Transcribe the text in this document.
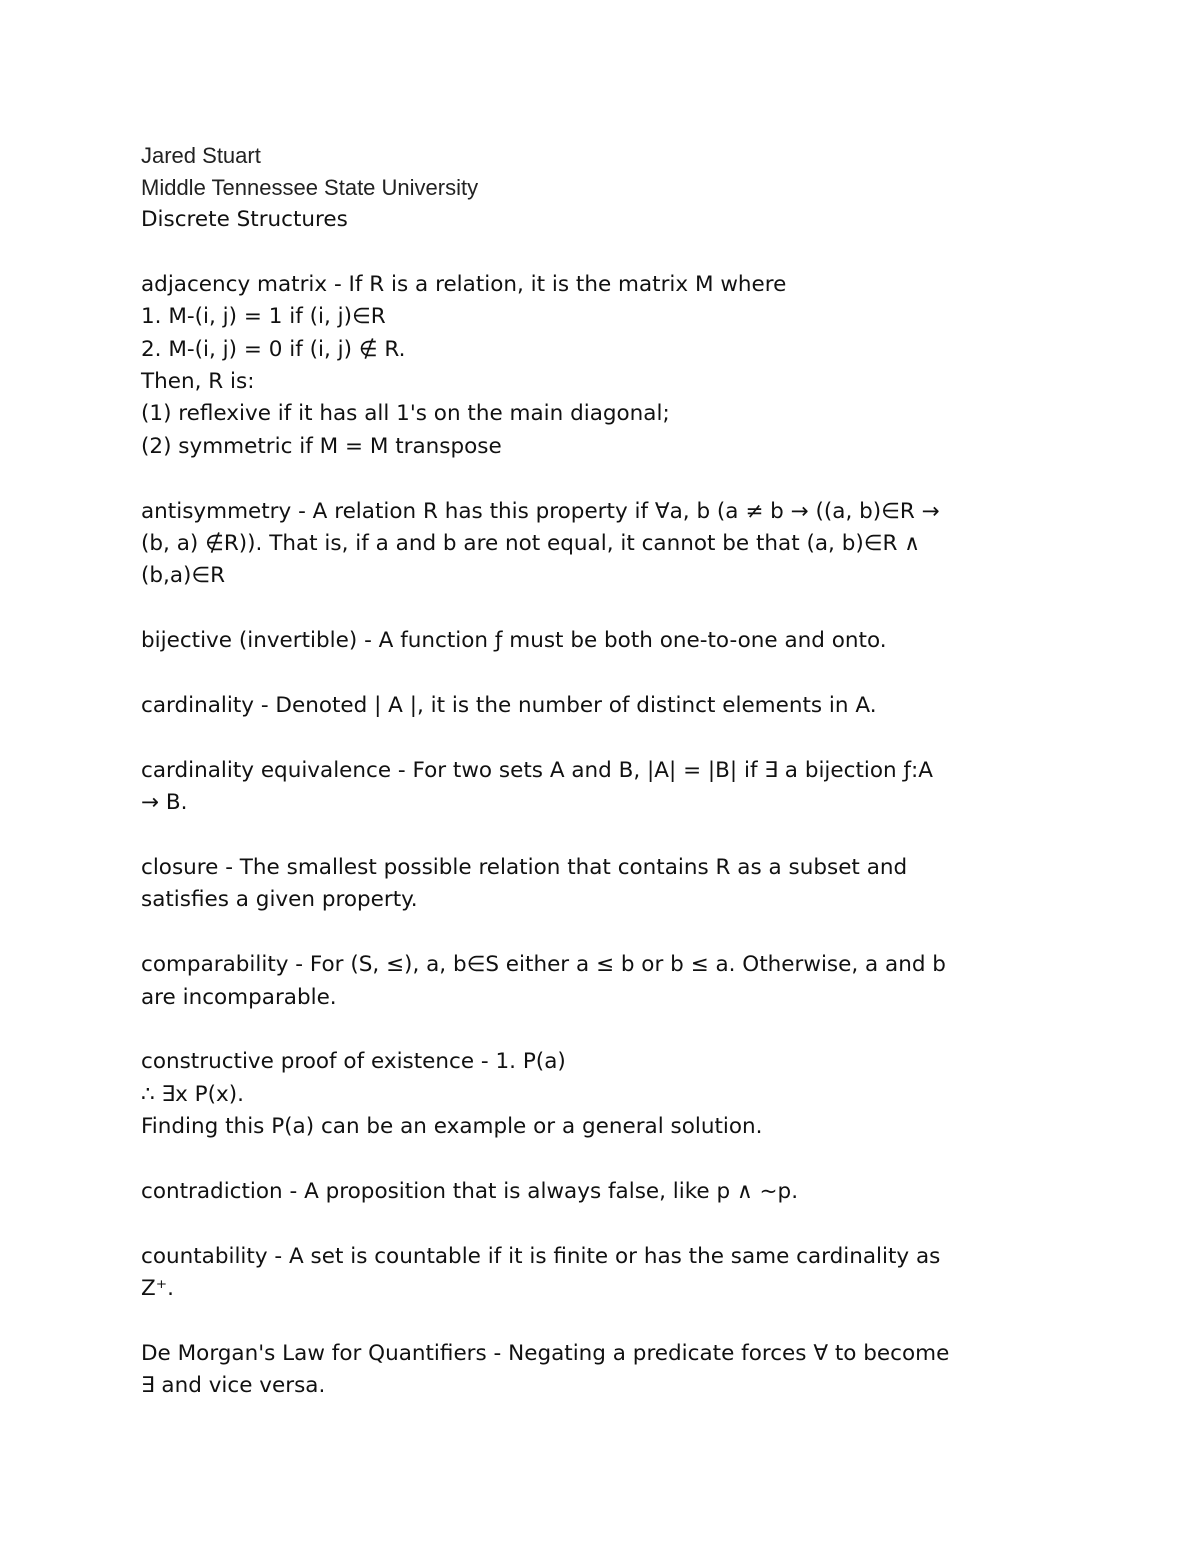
Jared Stuart
Middle Tennessee State University
Discrete Structures
adjacency matrix - If R is a relation, it is the matrix M where
1. M-(i, j) = 1 if (i, j)∈R
2. M-(i, j) = 0 if (i, j) ∉ R.
Then, R is:
(1) reflexive if it has all 1's on the main diagonal;
(2) symmetric if M = M transpose
antisymmetry - A relation R has this property if ∀a, b (a ≠ b → ((a, b)∈R →
(b, a) ∉R)). That is, if a and b are not equal, it cannot be that (a, b)∈R ∧
(b,a)∈R
bijective (invertible) - A function ƒ must be both one-to-one and onto.
cardinality - Denoted | A |, it is the number of distinct elements in A.
cardinality equivalence - For two sets A and B, |A| = |B| if ∃ a bijection ƒ:A
→ B.
closure - The smallest possible relation that contains R as a subset and
satisfies a given property.
comparability - For (S, ≤), a, b∈S either a ≤ b or b ≤ a. Otherwise, a and b
are incomparable.
constructive proof of existence - 1. P(a)
∴ ∃x P(x).
Finding this P(a) can be an example or a general solution.
contradiction - A proposition that is always false, like p ∧ ~p.
countability - A set is countable if it is finite or has the same cardinality as
Z⁺.
De Morgan's Law for Quantifiers - Negating a predicate forces ∀ to become
∃ and vice versa.
